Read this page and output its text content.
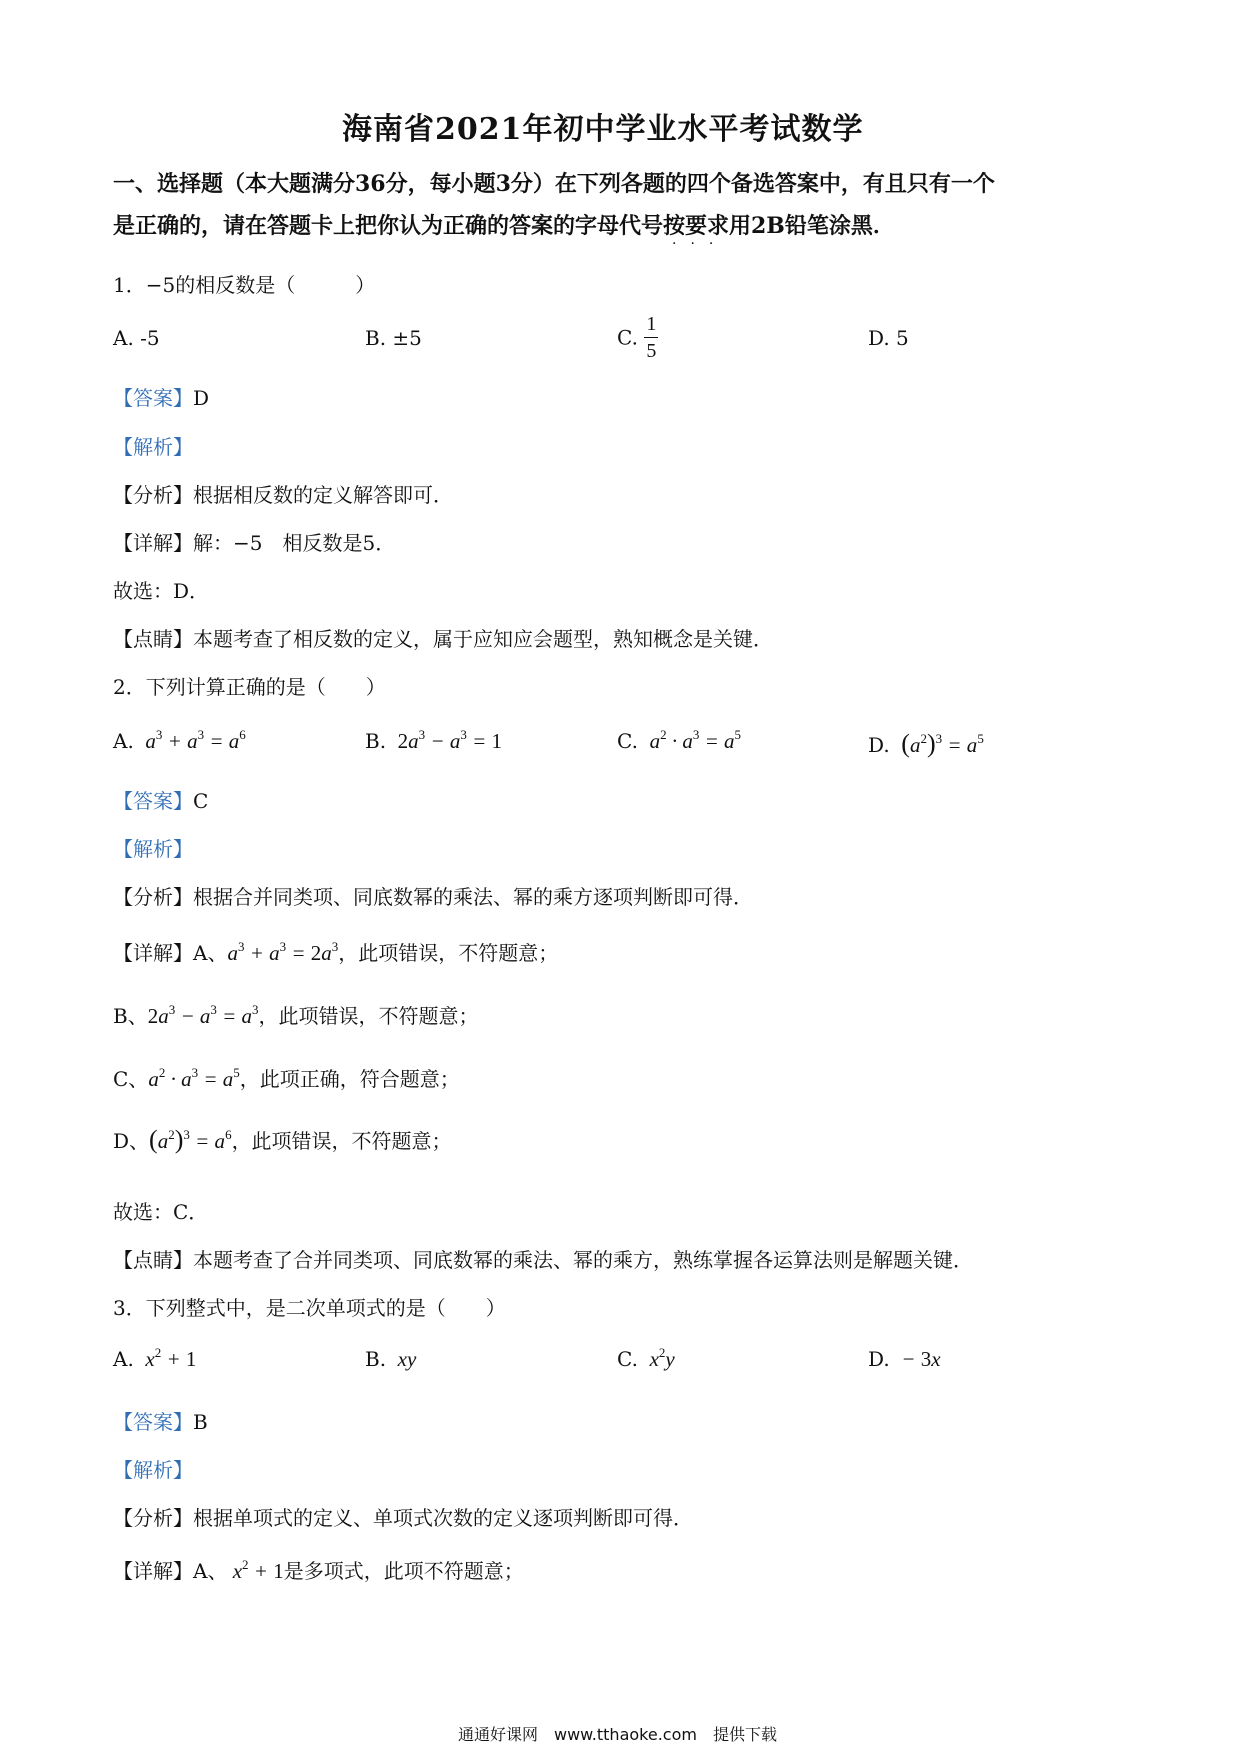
海南省2021年初中学业水平考试数学
一、选择题（本大题满分36分，每小题3分）在下列各题的四个备选答案中，有且只有一个
是正确的，请在答题卡上把你认为正确的答案的字母代号按要求用2B铅笔涂黑．
···
1．−5的相反数是（　　　）
A. -5	B. ±5	C. $\frac{1}{5}$	D. 5
【答案】D
【解析】
【分析】根据相反数的定义解答即可．
【详解】解：−5　相反数是5．
故选：D．
【点睛】本题考查了相反数的定义，属于应知应会题型，熟知概念是关键．
2．下列计算正确的是（　　）
A.  $a^3 + a^3 = a^6$	B. $2a^3 - a^3 = 1$	C.  $a^2 \cdot a^3 = a^5$	D. $(a^2)^3 = a^5$
【答案】C
【解析】
【分析】根据合并同类项、同底数幂的乘法、幂的乘方逐项判断即可得．
【详解】A、$a^3 + a^3 = 2a^3$，此项错误，不符题意；
B、$2a^3 - a^3 = a^3$，此项错误，不符题意；
C、$a^2 \cdot a^3 = a^5$，此项正确，符合题意；
D、$(a^2)^3 = a^6$，此项错误，不符题意；
故选：C．
【点睛】本题考查了合并同类项、同底数幂的乘法、幂的乘方，熟练掌握各运算法则是解题关键．
3．下列整式中，是二次单项式的是（　　）
A.  $x^2 + 1$	B.  xy	C.  $x^2y$	D.  − 3x
【答案】B
【解析】
【分析】根据单项式的定义、单项式次数的定义逐项判断即可得．
【详解】A、 $x^2 + 1$是多项式，此项不符题意；
通通好课网　www.tthaoke.com　提供下载
